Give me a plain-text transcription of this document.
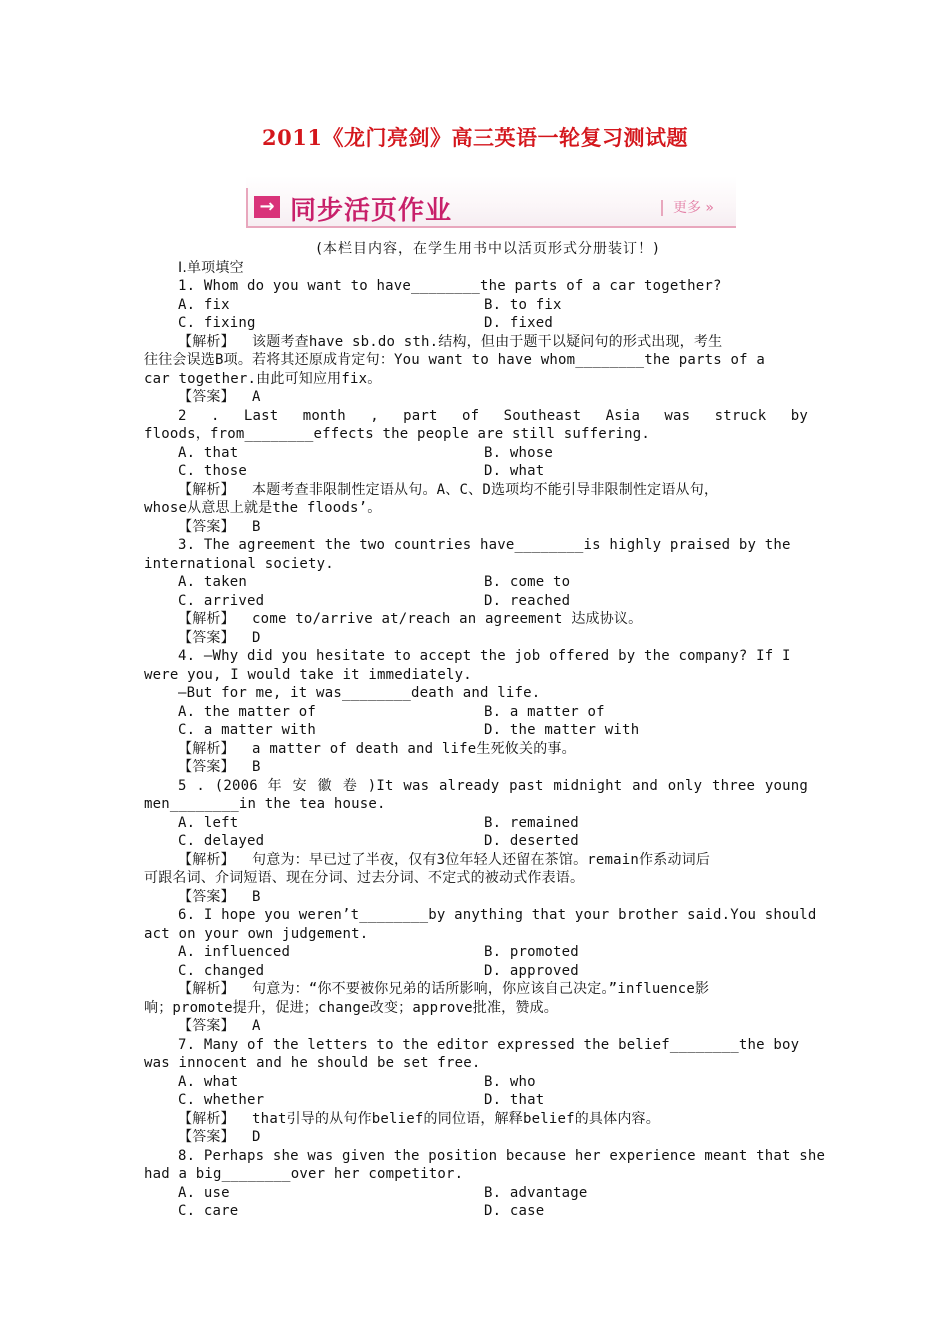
2011《龙门亮剑》高三英语一轮复习测试题
→ 同步活页作业	更多 »
(本栏目内容，在学生用书中以活页形式分册装订！)
Ⅰ.单项填空
1. Whom do you want to have________the parts of a car together?
A. fix	B. to fix
C. fixing	D. fixed
【解析】  该题考查have sb.do sth.结构，但由于题干以疑问句的形式出现，考生
往往会误选B项。若将其还原成肯定句：You want to have whom________the parts of a
car together.由此可知应用fix。
【答案】  A
2 . Last month , part of Southeast Asia was struck by
floods，from________effects the people are still suffering.
A. that	B. whose
C. those	D. what
【解析】  本题考查非限制性定语从句。A、C、D选项均不能引导非限制性定语从句，
whose从意思上就是the floods’。
【答案】  B
3. The agreement the two countries have________is highly praised by the
international society.
A. taken	B. come to
C. arrived	D. reached
【解析】  come to/arrive at/reach an agreement 达成协议。
【答案】  D
4. —Why did you hesitate to accept the job offered by the company? If I
were you, I would take it immediately.
—But for me, it was________death and life.
A. the matter of	B. a matter of
C. a matter with	D. the matter with
【解析】  a matter of death and life生死攸关的事。
【答案】  B
5 . (2006 年 安 徽 卷 )It was already past midnight and only three young
men________in the tea house.
A. left	B. remained
C. delayed	D. deserted
【解析】  句意为：早已过了半夜，仅有3位年轻人还留在茶馆。remain作系动词后
可跟名词、介词短语、现在分词、过去分词、不定式的被动式作表语。
【答案】  B
6. I hope you weren’t________by anything that your brother said.You should
act on your own judgement.
A. influenced	B. promoted
C. changed	D. approved
【解析】  句意为：“你不要被你兄弟的话所影响，你应该自己决定。”influence影
响；promote提升，促进；change改变；approve批准，赞成。
【答案】  A
7. Many of the letters to the editor expressed the belief________the boy
was innocent and he should be set free.
A. what	B. who
C. whether	D. that
【解析】  that引导的从句作belief的同位语，解释belief的具体内容。
【答案】  D
8. Perhaps she was given the position because her experience meant that she
had a big________over her competitor.
A. use	B. advantage
C. care	D. case
